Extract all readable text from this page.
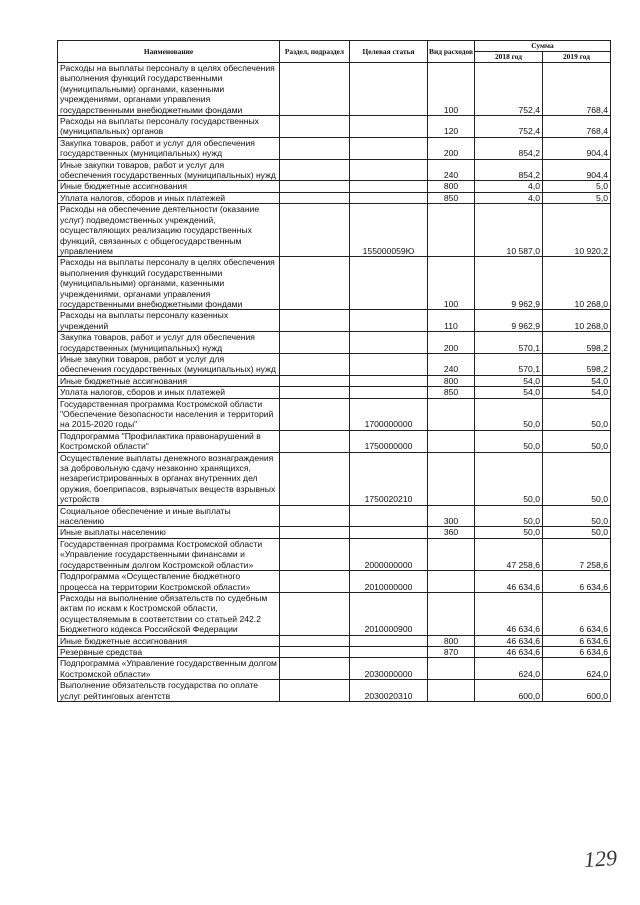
Наименование	Раздел, подраздел	Целевая статья	Вид расходов	Сумма	
				2018 год	2019 год
Расходы на выплаты персоналу в целях обеспечения выполнения функций государственными (муниципальными) органами, казенными учреждениями, органами управления государственными внебюджетными фондами			100	752,4	768,4
Расходы на выплаты персоналу государственных (муниципальных) органов			120	752,4	768,4
Закупка товаров, работ и услуг для обеспечения государственных (муниципальных) нужд			200	854,2	904,4
Иные закупки товаров, работ и услуг для обеспечения государственных (муниципальных) нужд			240	854,2	904,4
Иные бюджетные ассигнования			800	4,0	5,0
Уплата налогов, сборов и иных платежей			850	4,0	5,0
Расходы на обеспечение деятельности (оказание услуг) подведомственных учреждений, осуществляющих реализацию государственных функций, связанных с общегосударственным управлением		155000059Ю		10 587,0	10 920,2
Расходы на выплаты персоналу в целях обеспечения выполнения функций государственными (муниципальными) органами, казенными учреждениями, органами управления государственными внебюджетными фондами			100	9 962,9	10 268,0
Расходы на выплаты персоналу казенных учреждений			110	9 962,9	10 268,0
Закупка товаров, работ и услуг для обеспечения государственных (муниципальных) нужд			200	570,1	598,2
Иные закупки товаров, работ и услуг для обеспечения государственных (муниципальных) нужд			240	570,1	598,2
Иные бюджетные ассигнования			800	54,0	54,0
Уплата налогов, сборов и иных платежей			850	54,0	54,0
Государственная программа Костромской области "Обеспечение безопасности населения и территорий на 2015-2020 годы"		1700000000		50,0	50,0
Подпрограмма "Профилактика правонарушений в Костромской области"		1750000000		50,0	50,0
Осуществление выплаты денежного вознаграждения за добровольную сдачу незаконно хранящихся, незарегистрированных в органах внутренних дел оружия, боеприпасов, взрывчатых веществ взрывных устройств		1750020210		50,0	50,0
Социальное обеспечение и иные выплаты населению			300	50,0	50,0
Иные выплаты населению			360	50,0	50,0
Государственная программа Костромской области «Управление государственными финансами и государственным долгом Костромской области»		2000000000		47 258,6	7 258,6
Подпрограмма «Осуществление бюджетного процесса на территории Костромской области»		2010000000		46 634,6	6 634,6
Расходы на выполнение обязательств по судебным актам по искам к Костромской области, осуществляемым в соответствии со статьей 242.2 Бюджетного кодекса Российской Федерации		2010000900		46 634,6	6 634,6
Иные бюджетные ассигнования			800	46 634,6	6 634,6
Резервные средства			870	46 634,6	6 634,6
Подпрограмма «Управление государственным долгом Костромской области»		2030000000		624,0	624,0
Выполнение обязательств государства по оплате услуг рейтинговых агентств		2030020310		600,0	600,0
129
